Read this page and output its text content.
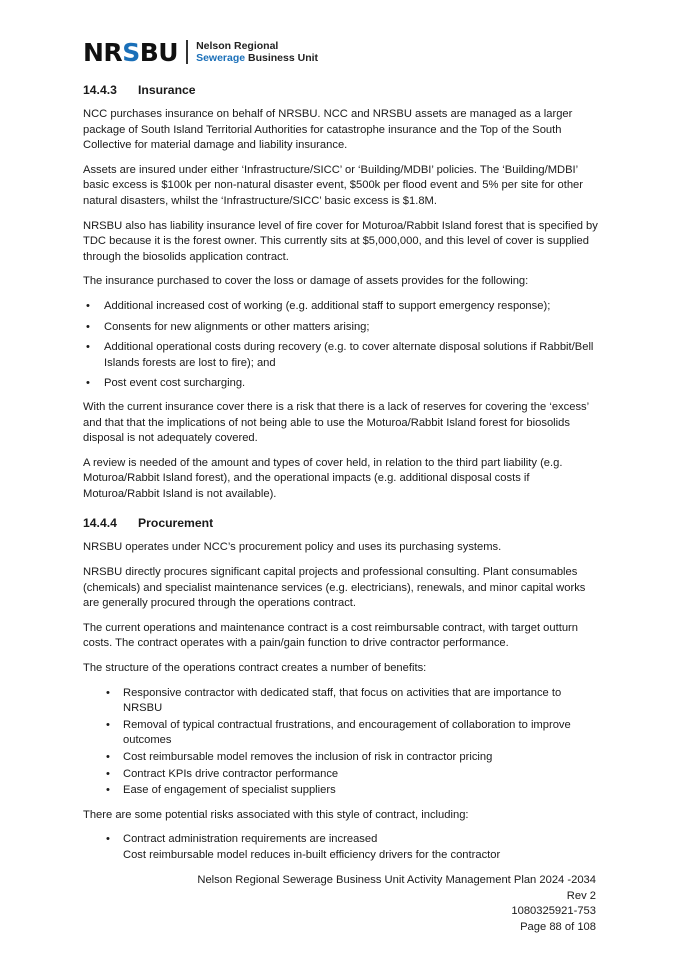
NRSBU Nelson Regional
Sewerage Business Unit
14.4.3 Insurance

NCC purchases insurance on behalf of NRSBU. NCC and NRSBU assets are managed as a larger package of South Island Territorial Authorities for catastrophe insurance and the Top of the South Collective for material damage and liability insurance.

Assets are insured under either ‘Infrastructure/SICC’ or ‘Building/MDBI’ policies. The ‘Building/MDBI’ basic excess is $100k per non-natural disaster event, $500k per flood event and 5% per site for other natural disasters, whilst the ‘Infrastructure/SICC’ basic excess is $1.8M.

NRSBU also has liability insurance level of fire cover for Moturoa/Rabbit Island forest that is specified by TDC because it is the forest owner. This currently sits at $5,000,000, and this level of cover is supplied through the biosolids application contract.

The insurance purchased to cover the loss or damage of assets provides for the following:

• Additional increased cost of working (e.g. additional staff to support emergency response);
• Consents for new alignments or other matters arising;
• Additional operational costs during recovery (e.g. to cover alternate disposal solutions if Rabbit/Bell Islands forests are lost to fire); and
• Post event cost surcharging.

With the current insurance cover there is a risk that there is a lack of reserves for covering the ‘excess’ and that that the implications of not being able to use the Moturoa/Rabbit Island forest for biosolids disposal is not adequately covered.

A review is needed of the amount and types of cover held, in relation to the third part liability (e.g. Moturoa/Rabbit Island forest), and the operational impacts (e.g. additional disposal costs if Moturoa/Rabbit Island is not available).

14.4.4 Procurement

NRSBU operates under NCC’s procurement policy and uses its purchasing systems.

NRSBU directly procures significant capital projects and professional consulting. Plant consumables (chemicals) and specialist maintenance services (e.g. electricians), renewals, and minor capital works are generally procured through the operations contract.

The current operations and maintenance contract is a cost reimbursable contract, with target outturn costs. The contract operates with a pain/gain function to drive contractor performance.

The structure of the operations contract creates a number of benefits:

• Responsive contractor with dedicated staff, that focus on activities that are importance to NRSBU
• Removal of typical contractual frustrations, and encouragement of collaboration to improve outcomes
• Cost reimbursable model removes the inclusion of risk in contractor pricing
• Contract KPIs drive contractor performance
• Ease of engagement of specialist suppliers

There are some potential risks associated with this style of contract, including:

• Contract administration requirements are increased
Cost reimbursable model reduces in-built efficiency drivers for the contractor
Nelson Regional Sewerage Business Unit Activity Management Plan 2024 -2034
Rev 2
1080325921-753
Page 88 of 108
